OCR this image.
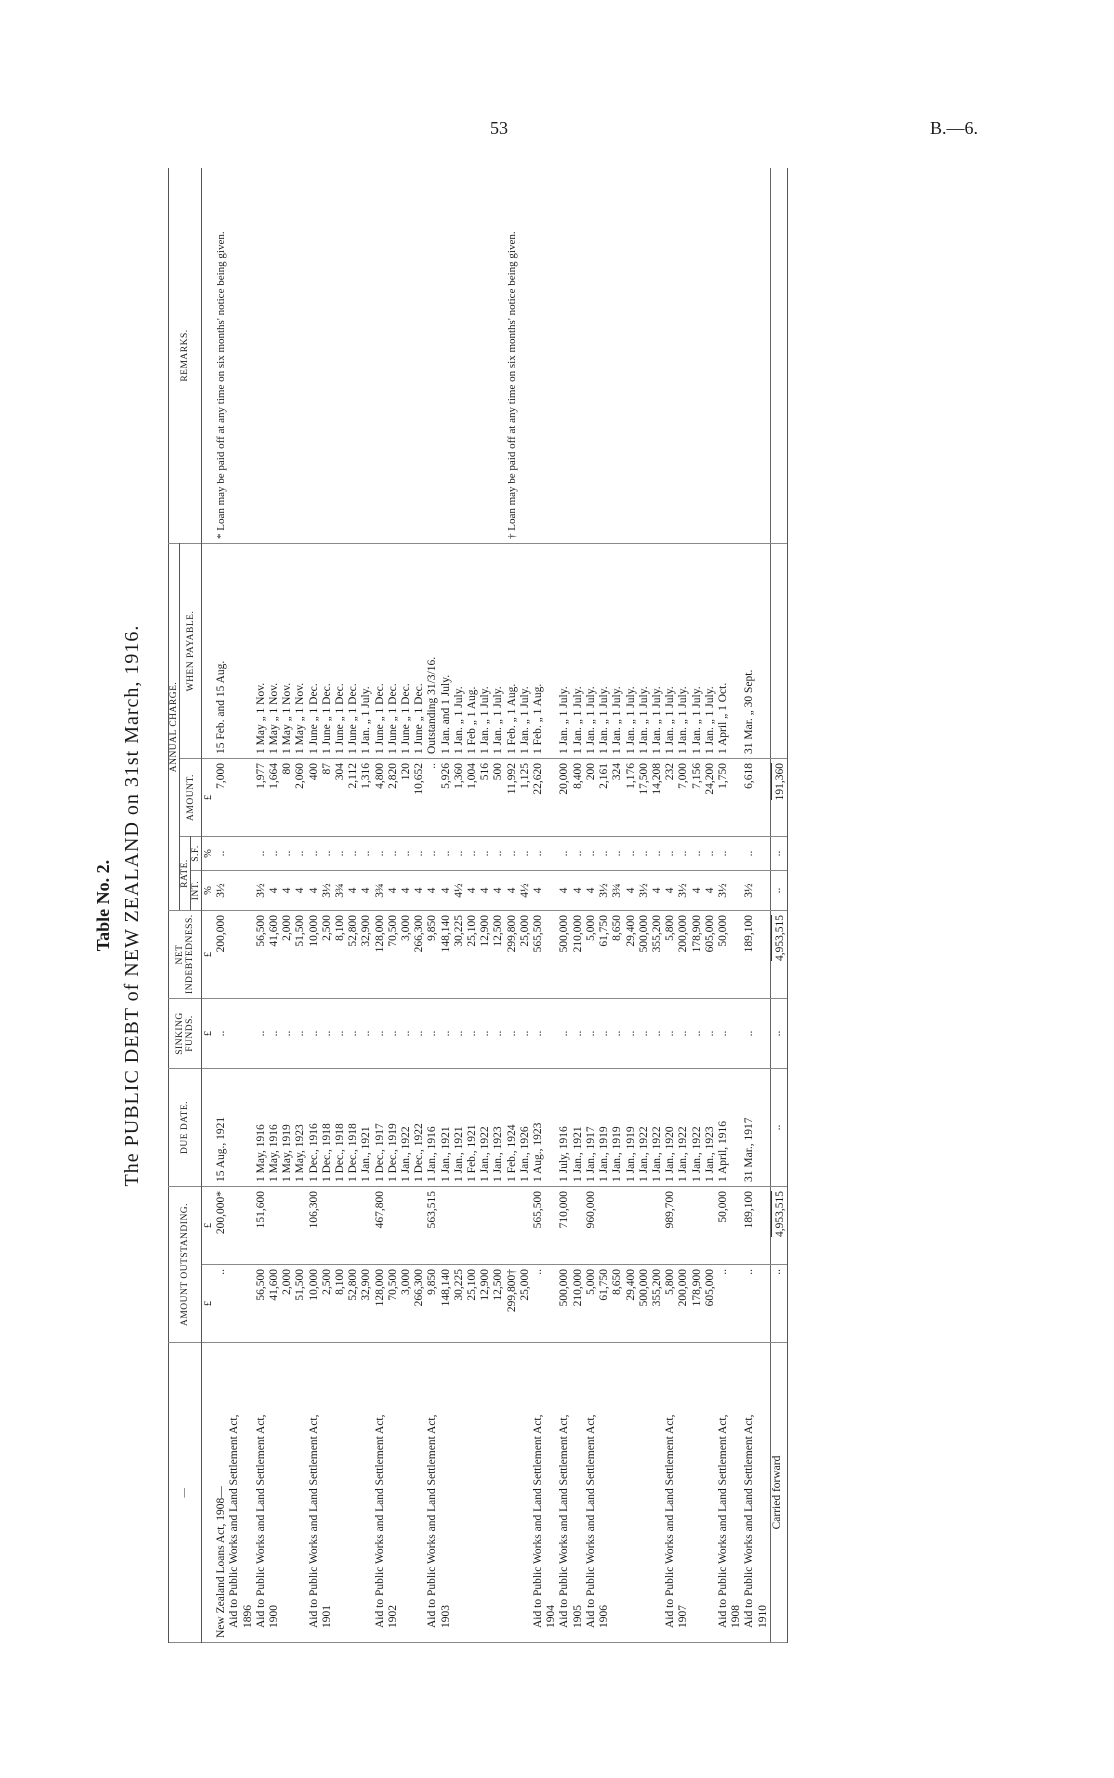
53	B.—6.
Table No. 2. The PUBLIC DEBT of NEW ZEALAND on 31st March, 1916.
—	AMOUNT OUTSTANDING.		DUE DATE.	SINKING FUNDS.	NET INDEBTEDNESS.	ANNUAL CHARGE.				REMARKS.
						RATE.		AMOUNT.	WHEN PAYABLE.	
						INT.	S.F.			
	£	£		£	£	%	%	£		
New Zealand Loans Act, 1908—	..	200,000*	15 Aug., 1921	..	200,000	3½	..	7,000	15 Feb. and 15 Aug.	* Loan may be paid off at any time on six months' notice being given.
Aid to Public Works and Land Settlement Act,										
1896										
Aid to Public Works and Land Settlement Act,	56,500	151,600	1 May, 1916	..	56,500	3½	..	1,977	1 May „ 1 Nov.	
1900	41,600		1 May, 1916	..	41,600	4	..	1,664	1 May „ 1 Nov.	
	2,000		1 May, 1919	..	2,000	4	..	80	1 May „ 1 Nov.	
	51,500		1 May, 1923	..	51,500	4	..	2,060	1 May „ 1 Nov.	
Aid to Public Works and Land Settlement Act,	10,000	106,300	1 Dec., 1916	..	10,000	4	..	400	1 June „ 1 Dec.	
1901	2,500		1 Dec., 1918	..	2,500	3½	..	87	1 June „ 1 Dec.	
	8,100		1 Dec., 1918	..	8,100	3¾	..	304	1 June „ 1 Dec.	
	52,800		1 Dec., 1918	..	52,800	4	..	2,112	1 June „ 1 Dec.	
	32,900		1 Jan., 1921	..	32,900	4	..	1,316	1 Jan. „ 1 July.	
Aid to Public Works and Land Settlement Act,	128,000	467,800	1 Dec., 1917	..	128,000	3¾	..	4,800	1 June „ 1 Dec.	
1902	70,500		1 Dec., 1919	..	70,500	4	..	2,820	1 June „ 1 Dec.	
	3,000		1 Jan., 1922	..	3,000	4	..	120	1 June „ 1 Dec.	
	266,300		1 Dec., 1922	..	266,300	4	..	10,652	1 June „ 1 Dec.	
Aid to Public Works and Land Settlement Act,	9,850	563,515	1 Jan., 1916	..	9,850	4	..	..	Outstanding 31/3/16.	
1903	148,140		1 Jan., 1921	..	148,140	4	..	5,926	1 Jan. and 1 July.	
	30,225		1 Jan., 1921	..	30,225	4½	..	1,360	1 Jan. „ 1 July.	
	25,100		1 Feb., 1921	..	25,100	4	..	1,004	1 Feb „ 1 Aug.	
	12,900		1 Jan., 1922	..	12,900	4	..	516	1 Jan. „ 1 July.	
	12,500		1 Jan., 1923	..	12,500	4	..	500	1 Jan. „ 1 July.	
	299,800†		1 Feb., 1924	..	299,800	4	..	11,992	1 Feb. „ 1 Aug.	† Loan may be paid off at any time on six months' notice being given.
	25,000		1 Jan., 1926	..	25,000	4½	..	1,125	1 Jan. „ 1 July.	
Aid to Public Works and Land Settlement Act,	..	565,500	1 Aug., 1923	..	565,500	4	..	22,620	1 Feb. „ 1 Aug.	
1904										
Aid to Public Works and Land Settlement Act,	500,000	710,000	1 July, 1916	..	500,000	4	..	20,000	1 Jan. „ 1 July.	
1905	210,000		1 Jan., 1921	..	210,000	4	..	8,400	1 Jan. „ 1 July.	
Aid to Public Works and Land Settlement Act,	5,000	960,000	1 Jan., 1917	..	5,000	4	..	200	1 Jan. „ 1 July.	
1906	61,750		1 Jan., 1919	..	61,750	3½	..	2,161	1 Jan. „ 1 July.	
	8,650		1 Jan., 1919	..	8,650	3¾	..	324	1 Jan. „ 1 July.	
	29,400		1 Jan., 1919	..	29,400	4	..	1,176	1 Jan. „ 1 July.	
	500,000		1 Jan., 1922	..	500,000	3½	..	17,500	1 Jan. „ 1 July.	
	355,200		1 Jan., 1922	..	355,200	4	..	14,208	1 Jan. „ 1 July.	
Aid to Public Works and Land Settlement Act,	5,800	989,700	1 Jan., 1920	..	5,800	4	..	232	1 Jan. „ 1 July.	
1907	200,000		1 Jan., 1922	..	200,000	3½	..	7,000	1 Jan. „ 1 July.	
	178,900		1 Jan., 1922	..	178,900	4	..	7,156	1 Jan. „ 1 July.	
	605,000		1 Jan., 1923	..	605,000	4	..	24,200	1 Jan. „ 1 July.	
Aid to Public Works and Land Settlement Act,	..	50,000	1 April, 1916	..	50,000	3½	..	1,750	1 April „ 1 Oct.	
1908										
Aid to Public Works and Land Settlement Act,	..	189,100	31 Mar., 1917	..	189,100	3½	..	6,618	31 Mar. „ 30 Sept.	
1910										
Carried forward	..	4,953,515	..	..	4,953,515	..	..	191,360		
